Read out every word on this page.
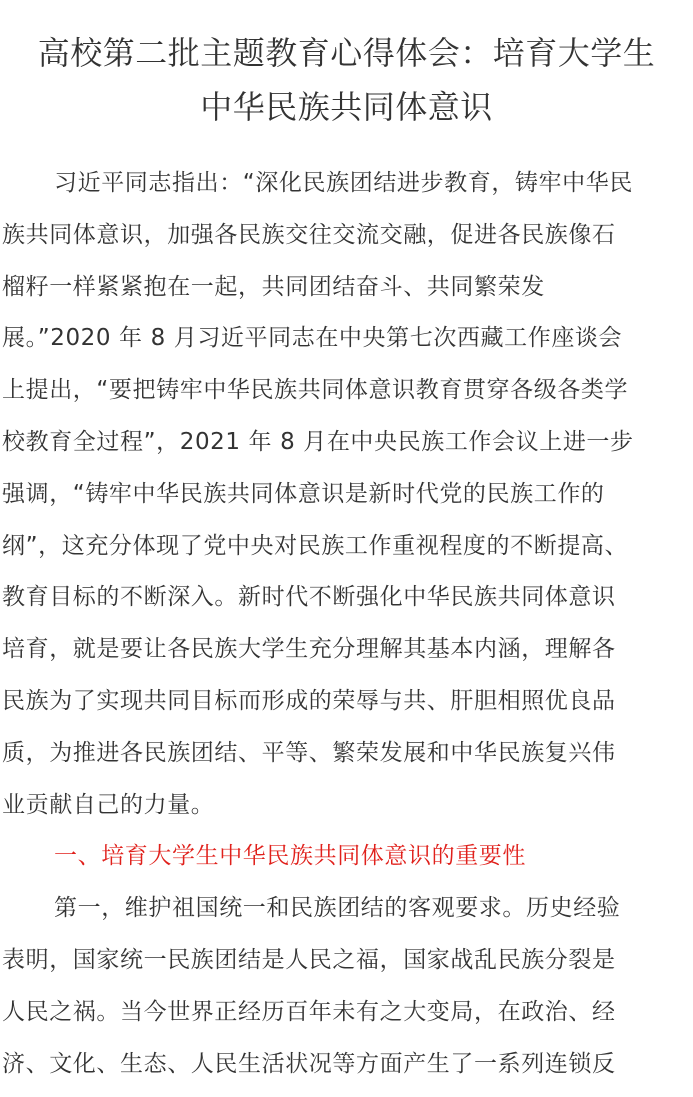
高校第二批主题教育心得体会：培育大学生
中华民族共同体意识
习近平同志指出：“深化民族团结进步教育，铸牢中华民
族共同体意识，加强各民族交往交流交融，促进各民族像石
榴籽一样紧紧抱在一起，共同团结奋斗、共同繁荣发
展。”2020 年 8 月习近平同志在中央第七次西藏工作座谈会
上提出，“要把铸牢中华民族共同体意识教育贯穿各级各类学
校教育全过程”，2021 年 8 月在中央民族工作会议上进一步
强调，“铸牢中华民族共同体意识是新时代党的民族工作的
纲”，这充分体现了党中央对民族工作重视程度的不断提高、
教育目标的不断深入。新时代不断强化中华民族共同体意识
培育，就是要让各民族大学生充分理解其基本内涵，理解各
民族为了实现共同目标而形成的荣辱与共、肝胆相照优良品
质，为推进各民族团结、平等、繁荣发展和中华民族复兴伟
业贡献自己的力量。
一、培育大学生中华民族共同体意识的重要性
第一，维护祖国统一和民族团结的客观要求。历史经验
表明，国家统一民族团结是人民之福，国家战乱民族分裂是
人民之祸。当今世界正经历百年未有之大变局，在政治、经
济、文化、生态、人民生活状况等方面产生了一系列连锁反
